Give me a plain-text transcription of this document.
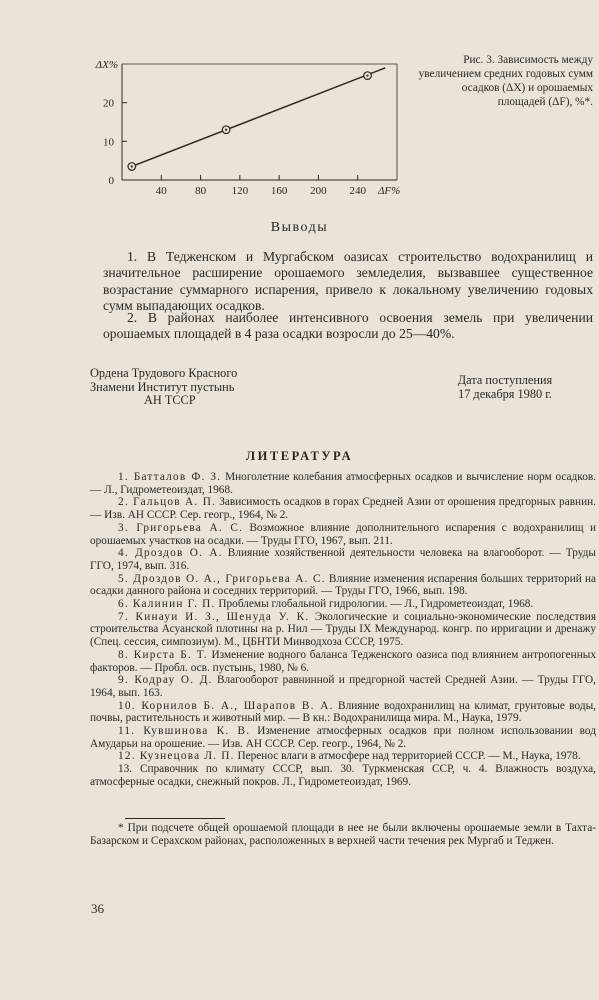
0
10
20
40	80 120 160 200 240
ΔX%
ΔF%
Рис. 3. Зависимость между увеличением средних годовых сумм осадков (ΔX) и орошаемых площадей (ΔF), %*.
Выводы

1. В Тедженском и Мургабском оазисах строительство водохранилищ и значительное расширение орошаемого земледелия, вызвавшее существенное возрастание суммарного испарения, привело к локальному увеличению годовых сумм выпадающих осадков.

2. В районах наиболее интенсивного освоения земель при увеличении орошаемых площадей в 4 раза осадки возросли до 25—40%.

Ордена Трудового Красного
Знамени Институт пустынь
АН ТССР
Дата поступления
17 декабря 1980 г.
ЛИТЕРАТУРА
1. Батталов Ф. З. Многолетние колебания атмосферных осадков и вычисление норм осадков. — Л., Гидрометеоиздат, 1968.
2. Гальцов А. П. Зависимость осадков в горах Средней Азии от орошения предгорных равнин. — Изв. АН СССР. Сер. геогр., 1964, № 2.
3. Григорьева А. С. Возможное влияние дополнительного испарения с водохранилищ и орошаемых участков на осадки. — Труды ГГО, 1967, вып. 211.
4. Дроздов О. А. Влияние хозяйственной деятельности человека на влагооборот. — Труды ГГО, 1974, вып. 316.
5. Дроздов О. А., Григорьева А. С. Влияние изменения испарения больших территорий на осадки данного района и соседних территорий. — Труды ГГО, 1966, вып. 198.
6. Калинин Г. П. Проблемы глобальной гидрологии. — Л., Гидрометеоиздат, 1968.
7. Кинауи И. З., Шенуда У. К. Экологические и социально-экономические последствия строительства Асуанской плотины на р. Нил — Труды IX Международ. конгр. по ирригации и дренажу (Спец. сессия, симпозиум). М., ЦБНТИ Минводхоза СССР, 1975.
8. Кирста Б. Т. Изменение водного баланса Тедженского оазиса под влиянием антропогенных факторов. — Пробл. осв. пустынь, 1980, № 6.
9. Кодрау О. Д. Влагооборот равнинной и предгорной частей Средней Азии. — Труды ГГО, 1964, вып. 163.
10. Корнилов Б. А., Шарапов В. А. Влияние водохранилищ на климат, грунтовые воды, почвы, растительность и животный мир. — В кн.: Водохранилища мира. М., Наука, 1979.
11. Кувшинова К. В. Изменение атмосферных осадков при полном использовании вод Амударьи на орошение. — Изв. АН СССР. Сер. геогр., 1964, № 2.
12. Кузнецова Л. П. Перенос влаги в атмосфере над территорией СССР. — М., Наука, 1978.
13. Справочник по климату СССР, вып. 30. Туркменская ССР, ч. 4. Влажность воздуха, атмосферные осадки, снежный покров. Л., Гидрометеоиздат, 1969.
* При подсчете общей орошаемой площади в нее не были включены орошаемые земли в Тахта-Базарском и Серахском районах, расположенных в верхней части течения рек Мургаб и Теджен.
36
